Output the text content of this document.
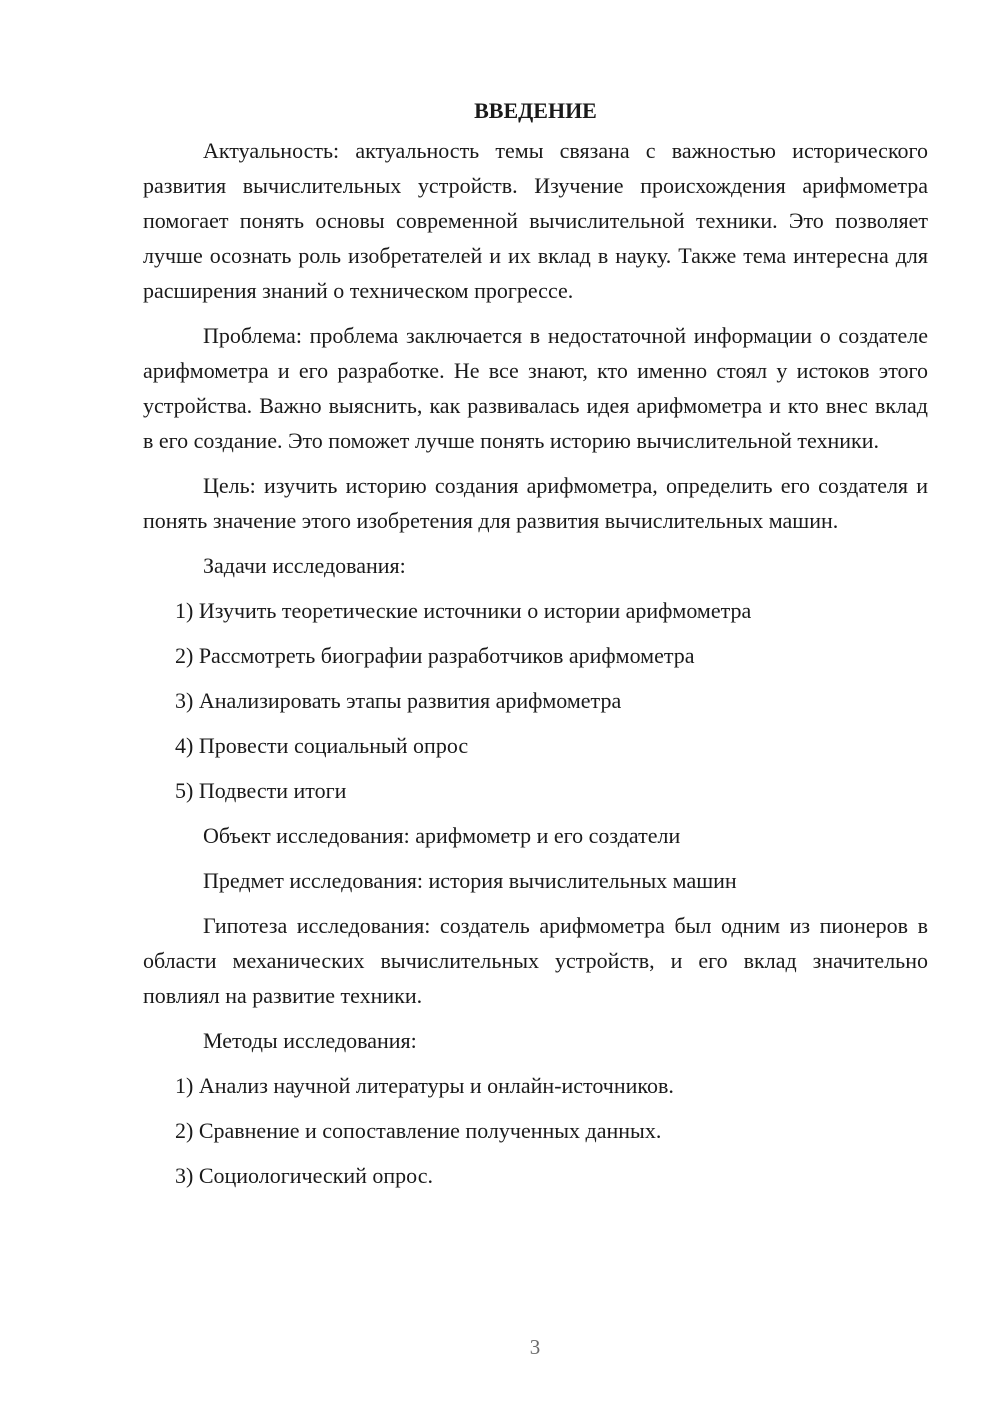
ВВЕДЕНИЕ

Актуальность: актуальность темы связана с важностью исторического развития вычислительных устройств. Изучение происхождения арифмометра помогает понять основы современной вычислительной техники. Это позволяет лучше осознать роль изобретателей и их вклад в науку. Также тема интересна для расширения знаний о техническом прогрессе.

Проблема: проблема заключается в недостаточной информации о создателе арифмометра и его разработке. Не все знают, кто именно стоял у истоков этого устройства. Важно выяснить, как развивалась идея арифмометра и кто внес вклад в его создание. Это поможет лучше понять историю вычислительной техники.

Цель: изучить историю создания арифмометра, определить его создателя и понять значение этого изобретения для развития вычислительных машин.

Задачи исследования:

1) Изучить теоретические источники о истории арифмометра

2) Рассмотреть биографии разработчиков арифмометра

3) Анализировать этапы развития арифмометра

4) Провести социальный опрос

5) Подвести итоги

Объект исследования: арифмометр и его создатели

Предмет исследования: история вычислительных машин

Гипотеза исследования: создатель арифмометра был одним из пионеров в области механических вычислительных устройств, и его вклад значительно повлиял на развитие техники.

Методы исследования:

1) Анализ научной литературы и онлайн-источников.

2) Сравнение и сопоставление полученных данных.

3) Социологический опрос.

3
